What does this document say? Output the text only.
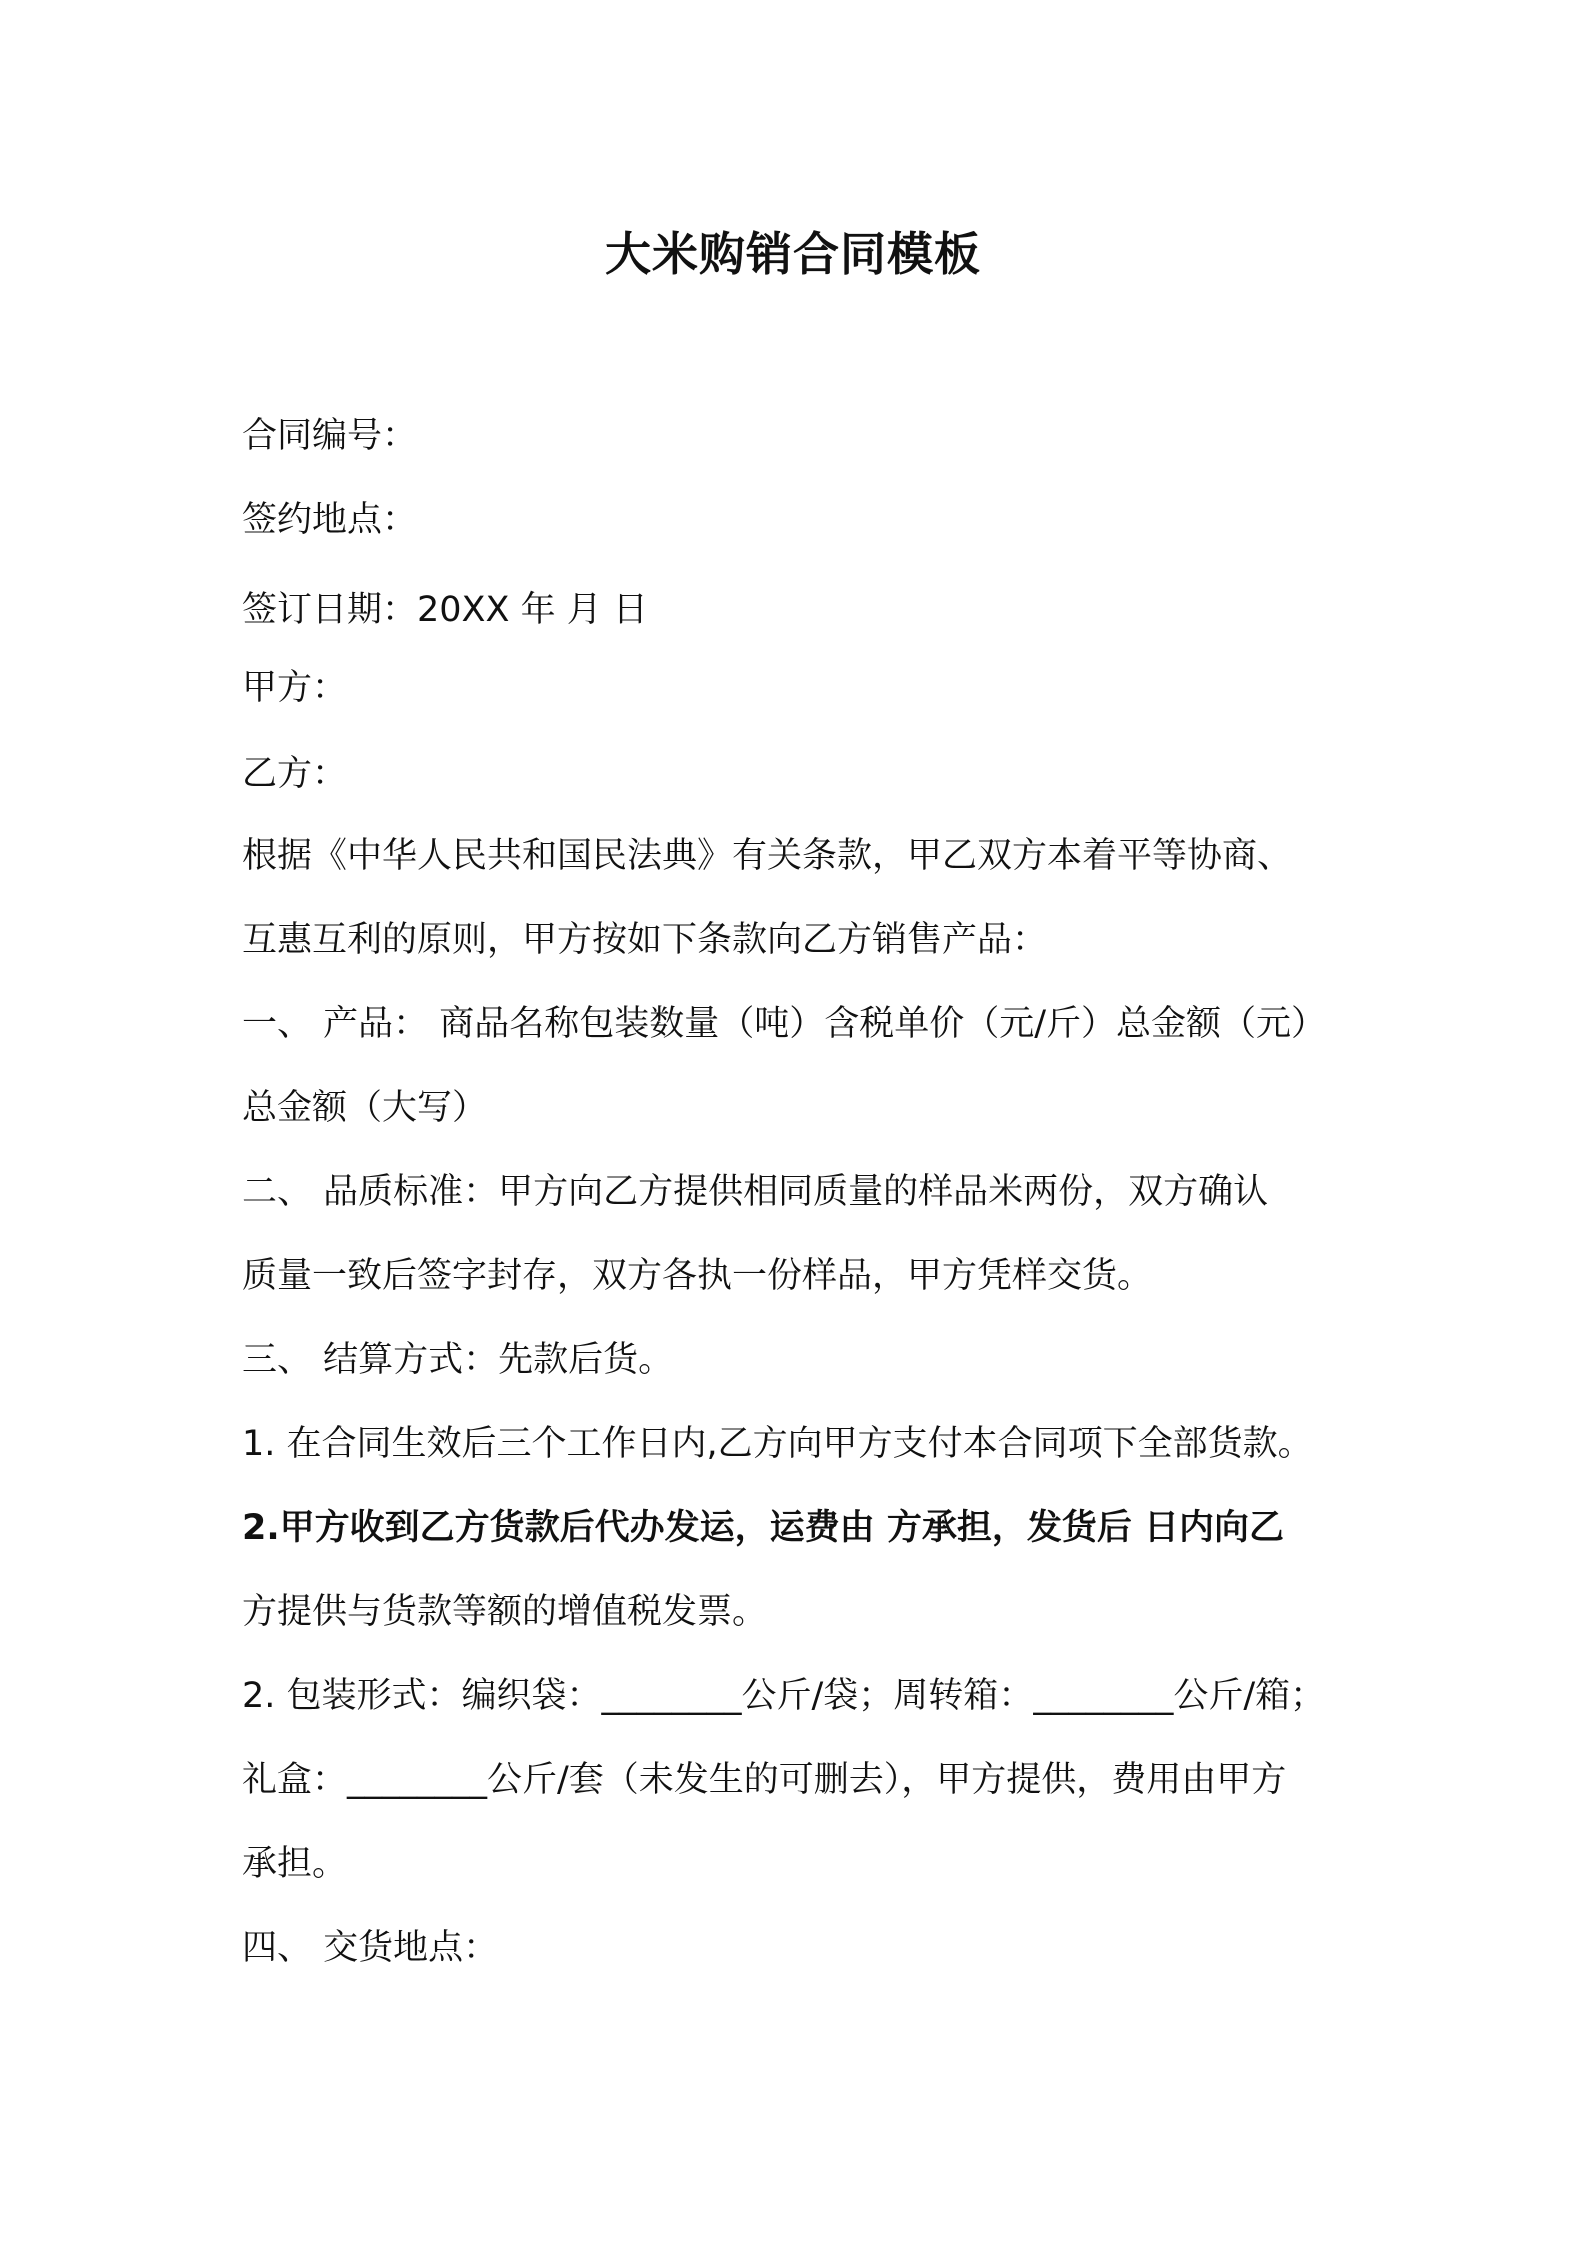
大米购销合同模板
合同编号：
签约地点：
签订日期：20XX 年 月 日
甲方：
乙方：
根据《中华人民共和国民法典》有关条款，甲乙双方本着平等协商、
互惠互利的原则，甲方按如下条款向乙方销售产品：
一、 产品： 商品名称包装数量（吨）含税单价（元/斤）总金额（元）
总金额（大写）
二、 品质标准：甲方向乙方提供相同质量的样品米两份，双方确认
质量一致后签字封存，双方各执一份样品，甲方凭样交货。
三、 结算方式：先款后货。
1. 在合同生效后三个工作日内,乙方向甲方支付本合同项下全部货款。
2.甲方收到乙方货款后代办发运，运费由 方承担，发货后 日内向乙
方提供与货款等额的增值税发票。
2. 包装形式：编织袋：________公斤/袋；周转箱：________公斤/箱；
礼盒：________公斤/套（未发生的可删去），甲方提供，费用由甲方
承担。
四、 交货地点：
